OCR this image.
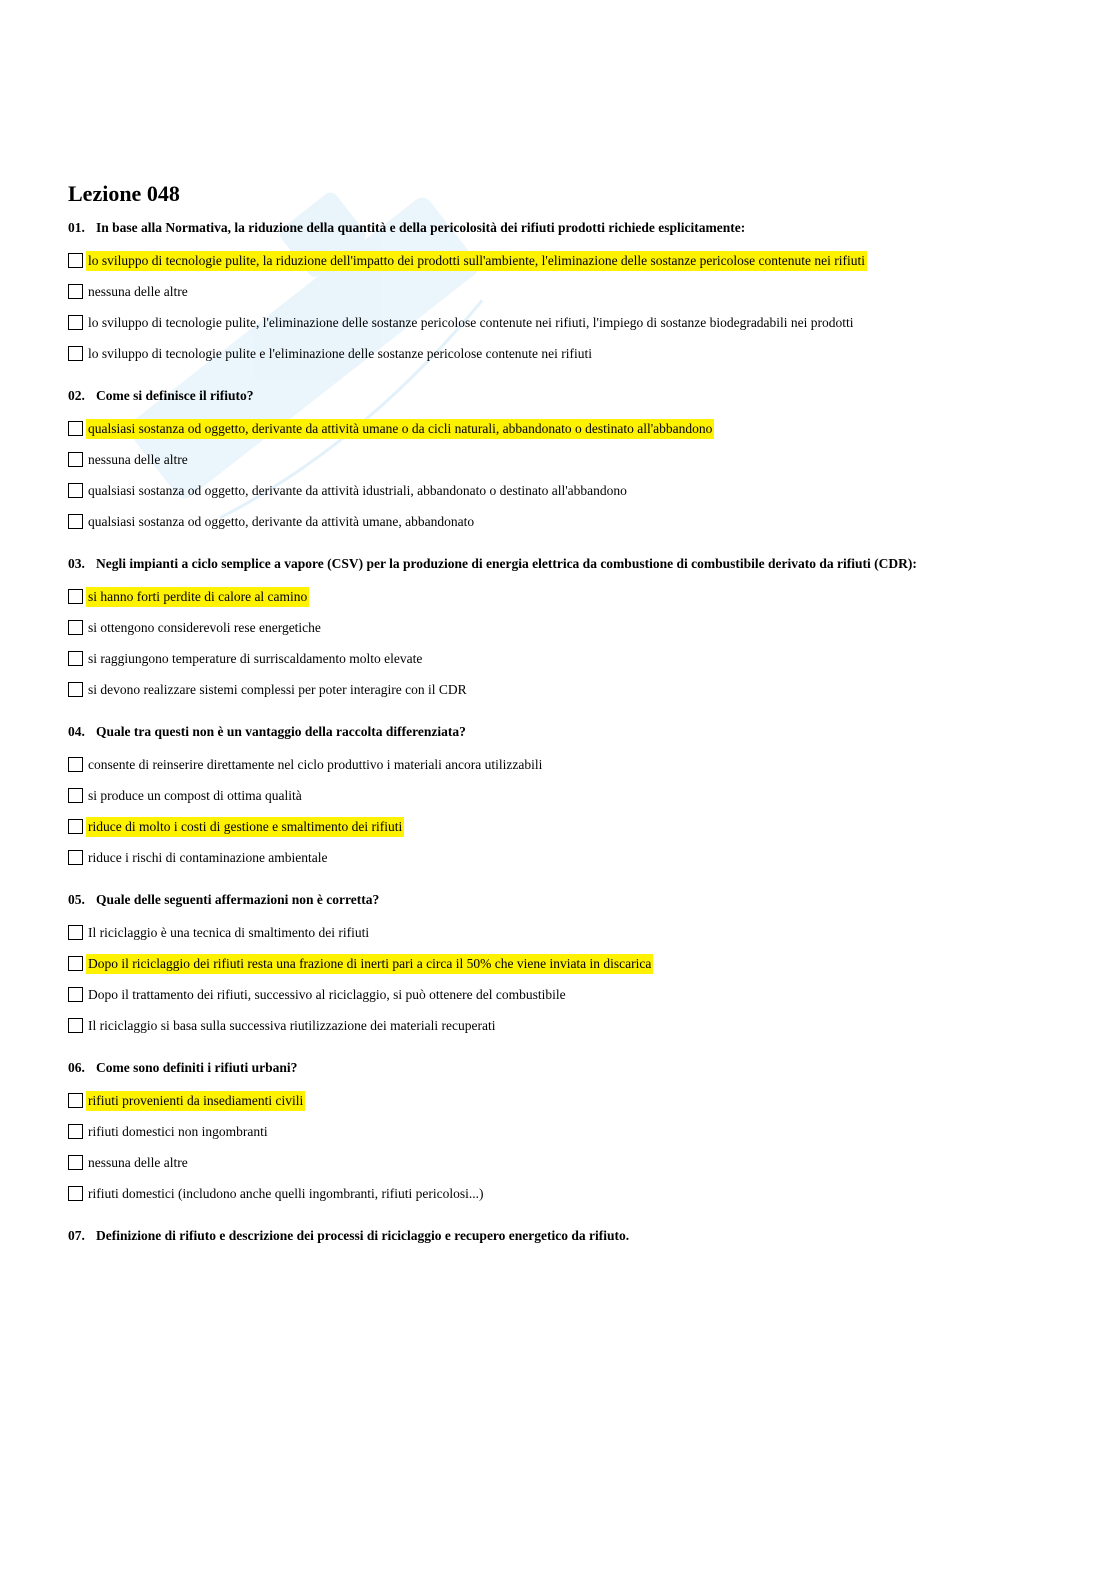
Lezione 048
01. In base alla Normativa, la riduzione della quantità e della pericolosità dei rifiuti prodotti richiede esplicitamente:
lo sviluppo di tecnologie pulite, la riduzione dell'impatto dei prodotti sull'ambiente, l'eliminazione delle sostanze pericolose contenute nei rifiuti
nessuna delle altre
lo sviluppo di tecnologie pulite, l'eliminazione delle sostanze pericolose contenute nei rifiuti, l'impiego di sostanze biodegradabili nei prodotti
lo sviluppo di tecnologie pulite e l'eliminazione delle sostanze pericolose contenute nei rifiuti
02. Come si definisce il rifiuto?
qualsiasi sostanza od oggetto, derivante da attività umane o da cicli naturali, abbandonato o destinato all'abbandono
nessuna delle altre
qualsiasi sostanza od oggetto, derivante da attività idustriali, abbandonato o destinato all'abbandono
qualsiasi sostanza od oggetto, derivante da attività umane, abbandonato
03. Negli impianti a ciclo semplice a vapore (CSV) per la produzione di energia elettrica da combustione di combustibile derivato da rifiuti (CDR):
si hanno forti perdite di calore al camino
si ottengono considerevoli rese energetiche
si raggiungono temperature di surriscaldamento molto elevate
si devono realizzare sistemi complessi per poter interagire con il CDR
04. Quale tra questi non è un vantaggio della raccolta differenziata?
consente di reinserire direttamente nel ciclo produttivo i materiali ancora utilizzabili
si produce un compost di ottima qualità
riduce di molto i costi di gestione e smaltimento dei rifiuti
riduce i rischi di contaminazione ambientale
05. Quale delle seguenti affermazioni non è corretta?
Il riciclaggio è una tecnica di smaltimento dei rifiuti
Dopo il riciclaggio dei rifiuti resta una frazione di inerti pari a circa il 50% che viene inviata in discarica
Dopo il trattamento dei rifiuti, successivo al riciclaggio, si può ottenere del combustibile
Il riciclaggio si basa sulla successiva riutilizzazione dei materiali recuperati
06. Come sono definiti i rifiuti urbani?
rifiuti provenienti da insediamenti civili
rifiuti domestici non ingombranti
nessuna delle altre
rifiuti domestici (includono anche quelli ingombranti, rifiuti pericolosi...)
07. Definizione di rifiuto e descrizione dei processi di riciclaggio e recupero energetico da rifiuto.
